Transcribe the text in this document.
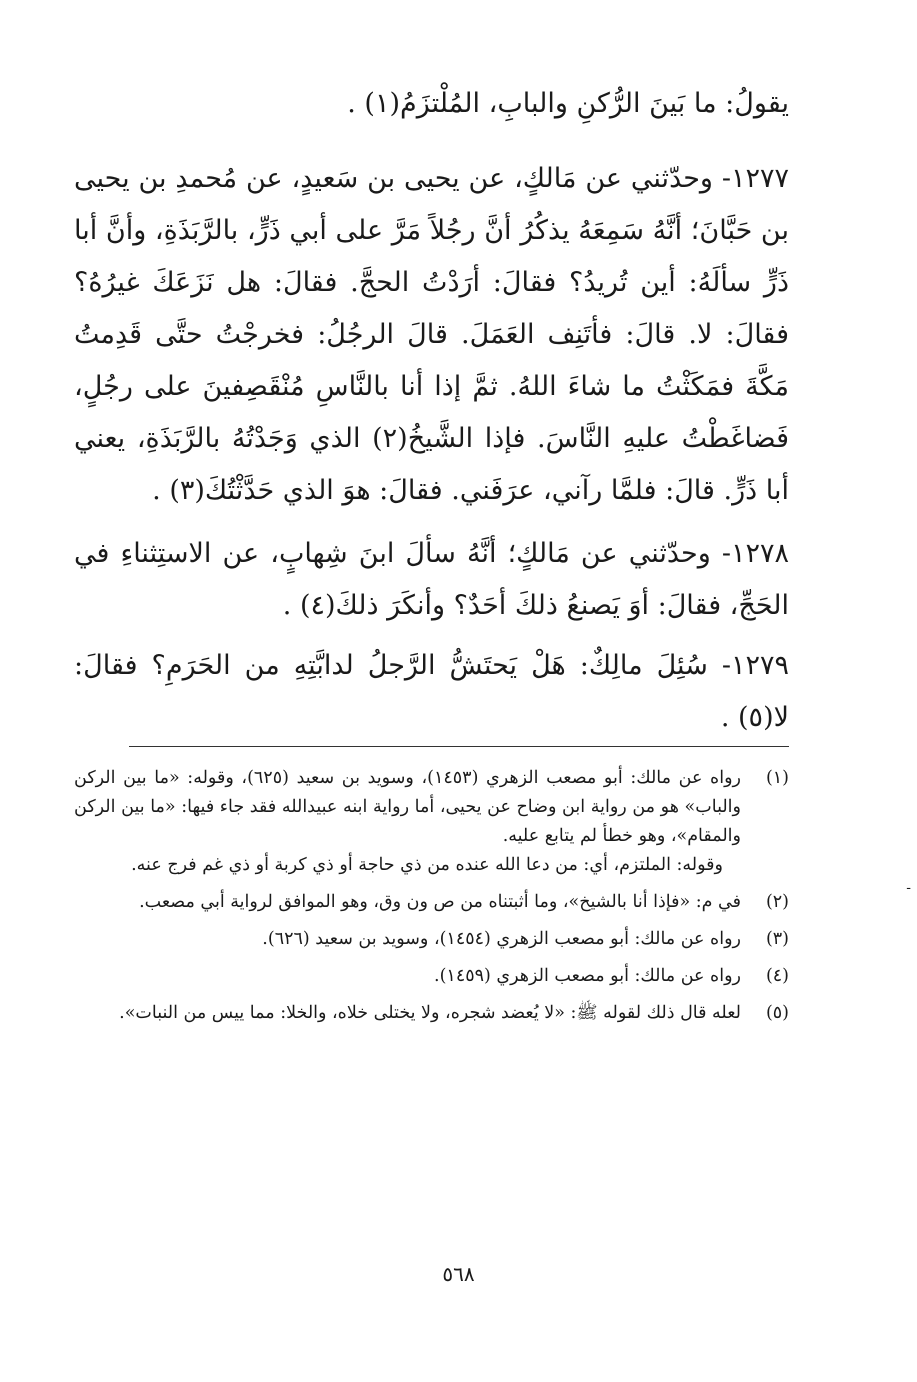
يقولُ: ما بَينَ الرُّكنِ والبابِ، المُلْتزَمُ(١) .

١٢٧٧- وحدّثني عن مَالكٍ، عن يحيى بن سَعيدٍ، عن مُحمدِ بن يحيى بن حَبَّانَ؛ أنَّهُ سَمِعَهُ يذكُرُ أنَّ رجُلاً مَرَّ على أبي ذَرٍّ، بالرَّبَذَةِ، وأنَّ أبا ذَرٍّ سألَهُ: أين تُريدُ؟ فقالَ: أرَدْتُ الحجَّ. فقالَ: هل نَزَعَكَ غيرُهُ؟ فقالَ: لا. قالَ: فأتَنِف العَمَلَ. قالَ الرجُلُ: فخرجْتُ حتَّى قَدِمتُ مَكَّةَ فمَكَثْتُ ما شاءَ اللهُ. ثمَّ إذا أنا بالنَّاسِ مُنْقَصِفينَ على رجُلٍ، فَضاغَطْتُ عليهِ النَّاسَ. فإذا الشَّيخُ(٢) الذي وَجَدْتُهُ بالرَّبَذَةِ، يعني أبا ذَرٍّ. قالَ: فلمَّا رآني، عرَفَني. فقالَ: هوَ الذي حَدَّثْتُكَ(٣) .

١٢٧٨- وحدّثني عن مَالكٍ؛ أنَّهُ سألَ ابنَ شِهابٍ، عن الاستِثناءِ في الحَجِّ، فقالَ: أوَ يَصنعُ ذلكَ أحَدٌ؟ وأنكَرَ ذلكَ(٤) .

١٢٧٩- سُئِلَ مالِكٌ: هَلْ يَحتَشُّ الرَّجلُ لدابَّتِهِ من الحَرَمِ؟ فقالَ: لا(٥) .

(١)
رواه عن مالك: أبو مصعب الزهري (١٤٥٣)، وسويد بن سعيد (٦٢٥)، وقوله: «ما بين الركن والباب» هو من رواية ابن وضاح عن يحيى، أما رواية ابنه عبيدالله فقد جاء فيها: «ما بين الركن والمقام»، وهو خطأ لم يتابع عليه.
وقوله: الملتزم، أي: من دعا الله عنده من ذي حاجة أو ذي كربة أو ذي غم فرج عنه.
(٢)
في م: «فإذا أنا بالشيخ»، وما أثبتناه من ص ون وق، وهو الموافق لرواية أبي مصعب.
(٣)
رواه عن مالك: أبو مصعب الزهري (١٤٥٤)، وسويد بن سعيد (٦٢٦).
(٤)
رواه عن مالك: أبو مصعب الزهري (١٤٥٩).
(٥)
لعله قال ذلك لقوله ﷺ: «لا يُعضد شجره، ولا يختلى خلاه، والخلا: مما ييس من النبات».
-
٥٦٨
